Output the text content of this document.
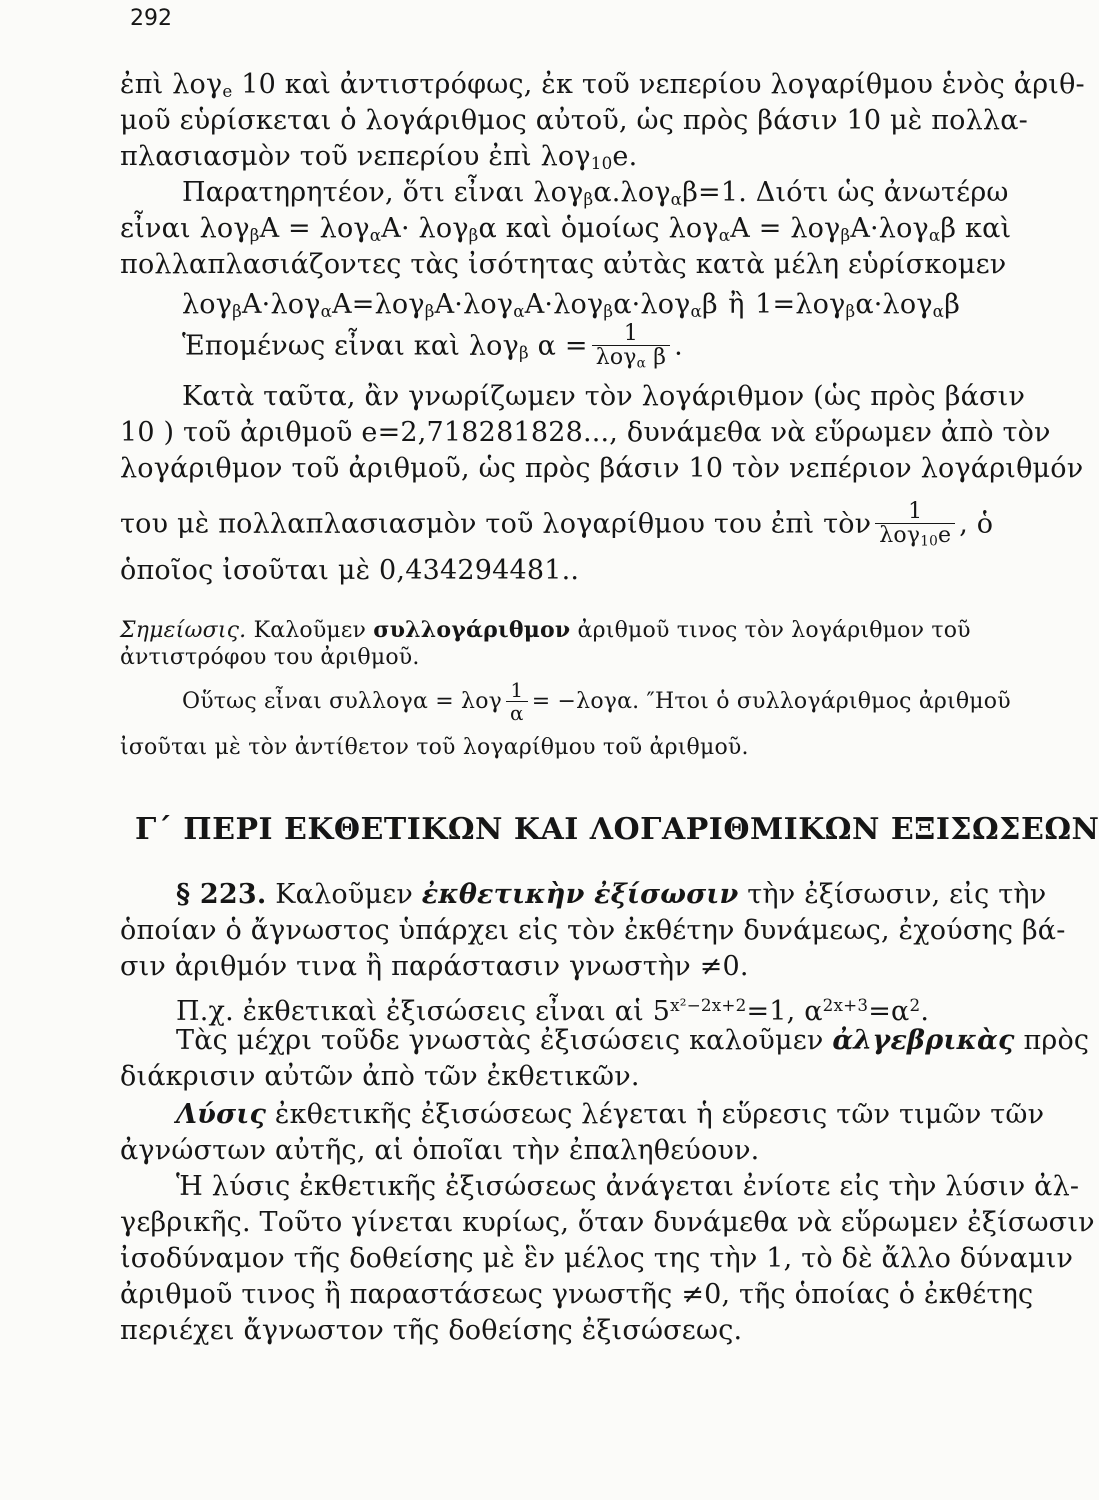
292
ἐπὶ λογ$_e$ 10 καὶ ἀντιστρόφως, ἐκ τοῦ νεπερίου λογαρίθμου ἑνὸς ἀριθ-
μοῦ εὑρίσκεται ὁ λογάριθμος αὐτοῦ, ὡς πρὸς βάσιν 10 μὲ πολλα-
πλασιασμὸν τοῦ νεπερίου ἐπὶ λογ$_{10}$e.
Παρατηρητέον, ὅτι εἶναι λογ$_\beta$α.λογ$_\alpha$β=1. Διότι ὡς ἀνωτέρω
εἶναι λογ$_\beta$A = λογ$_\alpha$A· λογ$_\beta$α καὶ ὁμοίως λογ$_\alpha$A = λογ$_\beta$A·λογ$_\alpha$β καὶ
πολλαπλασιάζοντες τὰς ἰσότητας αὐτὰς κατὰ μέλη εὑρίσκομεν
λογ$_\beta$A·λογ$_\alpha$A=λογ$_\beta$A·λογ$_\alpha$A·λογ$_\beta$α·λογ$_\alpha$β ἢ 1=λογ$_\beta$α·λογ$_\alpha$β
Ἑπομένως εἶναι καὶ λογ$_\beta$ $\alpha = \frac{1}{\lambda o\gamma_\alpha \beta}$ .
Κατὰ ταῦτα, ἂν γνωρίζωμεν τὸν λογάριθμον (ὡς πρὸς βάσιν
10 ) τοῦ ἀριθμοῦ e=2,718281828..., δυνάμεθα νὰ εὕρωμεν ἀπὸ τὸν
λογάριθμον τοῦ ἀριθμοῦ, ὡς πρὸς βάσιν 10 τὸν νεπέριον λογάριθμόν
του μὲ πολλαπλασιασμὸν τοῦ λογαρίθμου του ἐπὶ τὸν $\frac{1}{\lambda o\gamma_{10}e}$ , ὁ
ὁποῖος ἰσοῦται μὲ 0,434294481..
Σημείωσις. Καλοῦμεν συλλογάριθμον ἀριθμοῦ τινος τὸν λογάριθμον τοῦ
ἀντιστρόφου του ἀριθμοῦ.
Οὕτως εἶναι συλλογα = λογ $\frac{1}{\alpha} = -\lambda o\gamma\alpha$. ″Ητοι ὁ συλλογάριθμος ἀριθμοῦ
ἰσοῦται μὲ τὸν ἀντίθετον τοῦ λογαρίθμου τοῦ ἀριθμοῦ.
Γ΄ ΠΕΡΙ ΕΚΘΕΤΙΚΩΝ ΚΑΙ ΛΟΓΑΡΙΘΜΙΚΩΝ ΕΞΙΣΩΣΕΩΝ
§ 223. Καλοῦμεν ἐκθετικὴν ἐξίσωσιν τὴν ἐξίσωσιν, εἰς τὴν
ὁποίαν ὁ ἄγνωστος ὑπάρχει εἰς τὸν ἐκθέτην δυνάμεως, ἐχούσης βά-
σιν ἀριθμόν τινα ἢ παράστασιν γνωστὴν ≠0.
Π.χ. ἐκθετικαὶ ἐξισώσεις εἶναι αἱ $5^{x^2-2x+2}=1$, $\alpha^{2x+3}=\alpha^2$.
Τὰς μέχρι τοῦδε γνωστὰς ἐξισώσεις καλοῦμεν ἀλγεβρικὰς πρὸς
διάκρισιν αὐτῶν ἀπὸ τῶν ἐκθετικῶν.
Λύσις ἐκθετικῆς ἐξισώσεως λέγεται ἡ εὕρεσις τῶν τιμῶν τῶν
ἀγνώστων αὐτῆς, αἱ ὁποῖαι τὴν ἐπαληθεύουν.
Ἡ λύσις ἐκθετικῆς ἐξισώσεως ἀνάγεται ἐνίοτε εἰς τὴν λύσιν ἀλ-
γεβρικῆς. Τοῦτο γίνεται κυρίως, ὅταν δυνάμεθα νὰ εὕρωμεν ἐξίσωσιν
ἰσοδύναμον τῆς δοθείσης μὲ ἓν μέλος της τὴν 1, τὸ δὲ ἄλλο δύναμιν
ἀριθμοῦ τινος ἢ παραστάσεως γνωστῆς ≠0, τῆς ὁποίας ὁ ἐκθέτης
περιέχει ἄγνωστον τῆς δοθείσης ἐξισώσεως.
